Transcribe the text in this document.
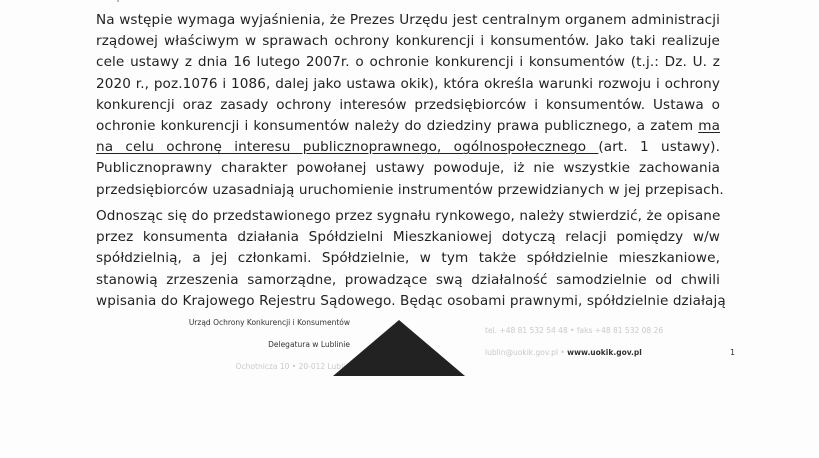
Na wstępie wymaga wyjaśnienia, że Prezes Urzędu jest centralnym organem administracji
rządowej właściwym w sprawach ochrony konkurencji i konsumentów. Jako taki realizuje
cele ustawy z dnia 16 lutego 2007r. o ochronie konkurencji i konsumentów (t.j.: Dz. U. z
2020 r., poz.1076 i 1086, dalej jako ustawa okik), która określa warunki rozwoju i ochrony
konkurencji oraz zasady ochrony interesów przedsiębiorców i konsumentów. Ustawa o
ochronie konkurencji i konsumentów należy do dziedziny prawa publicznego, a zatem ma
na celu ochronę interesu publicznoprawnego, ogólnospołecznego (art. 1 ustawy).
Publicznoprawny charakter powołanej ustawy powoduje, iż nie wszystkie zachowania
przedsiębiorców uzasadniają uruchomienie instrumentów przewidzianych w jej przepisach.
Odnosząc się do przedstawionego przez sygnału rynkowego, należy stwierdzić, że opisane
przez konsumenta działania Spółdzielni Mieszkaniowej dotyczą relacji pomiędzy w/w
spółdzielnią, a jej członkami. Spółdzielnie, w tym także spółdzielnie mieszkaniowe,
stanowią zrzeszenia samorządne, prowadzące swą działalność samodzielnie od chwili
wpisania do Krajowego Rejestru Sądowego. Będąc osobami prawnymi, spółdzielnie działają
Urząd Ochrony Konkurencji i Konsumentów
Delegatura w Lublinie
Ochotnicza 10 • 20-012 Lublin
tel. +48 81 532 54 48 • faks +48 81 532 08 26
lublin@uokik.gov.pl • www.uokik.gov.pl	1
